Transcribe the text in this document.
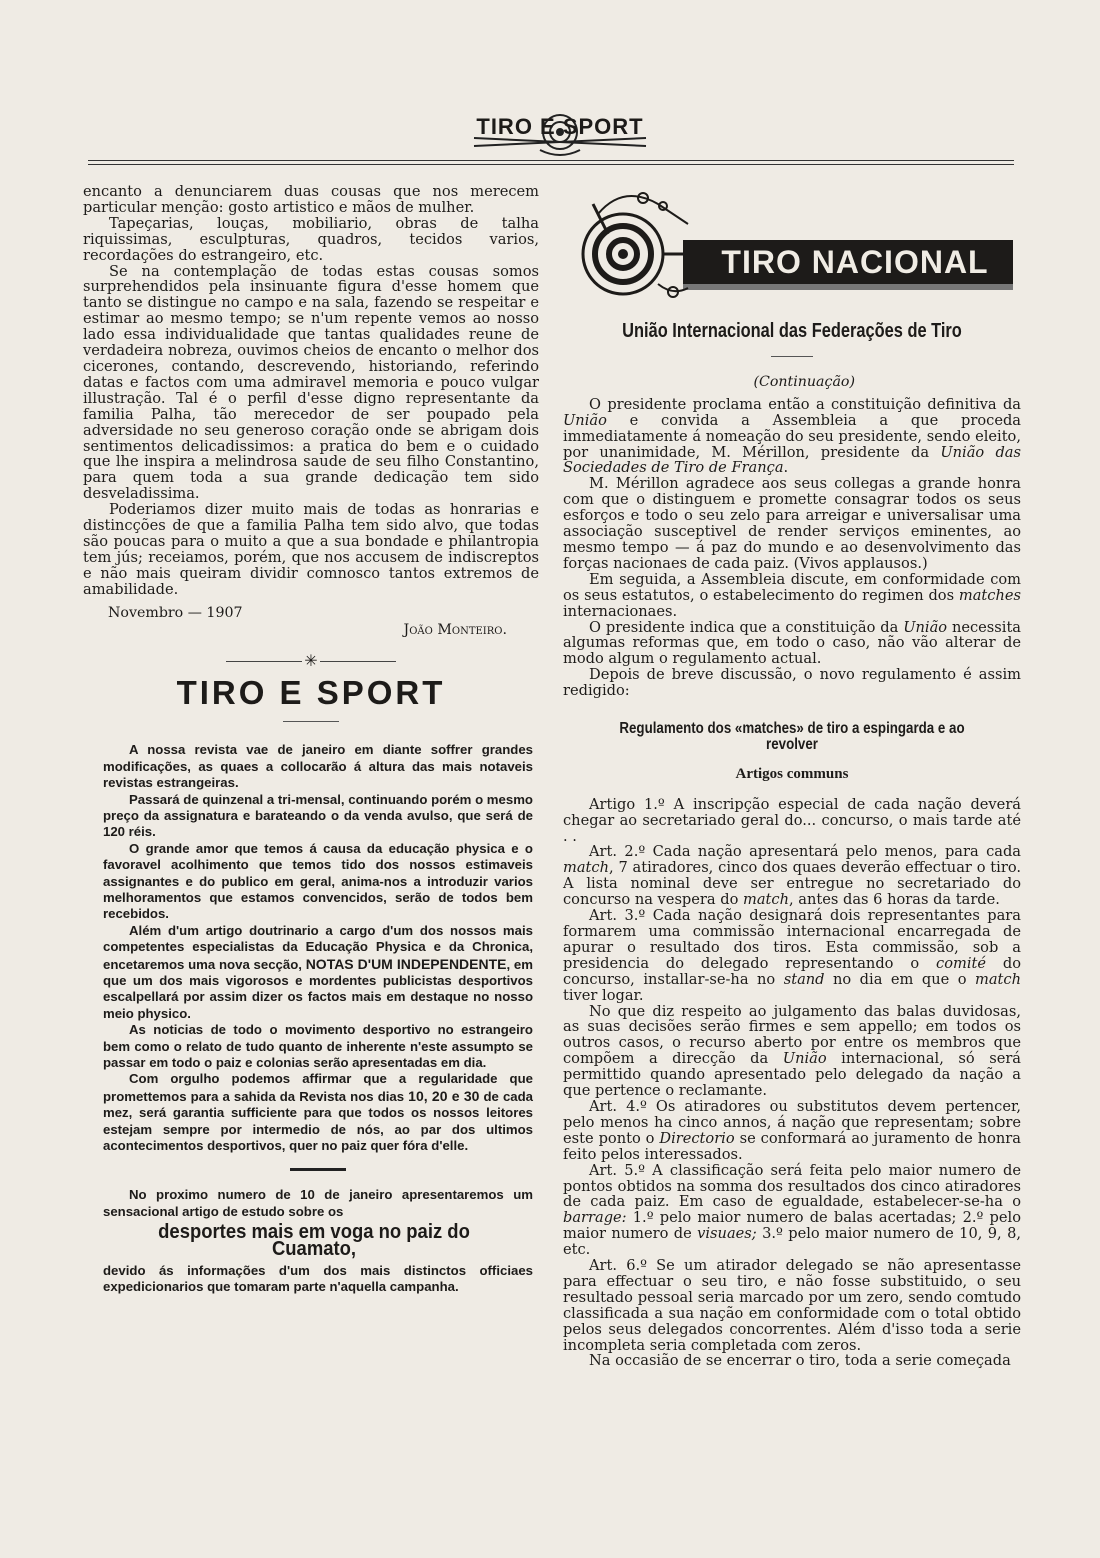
TIRO E SPORT

encanto a denunciarem duas cousas que nos merecem particular menção: gosto artistico e mãos de mulher.

Tapeçarias, louças, mobiliario, obras de talha riquissimas, esculpturas, quadros, tecidos varios, recordações do estrangeiro, etc.

Se na contemplação de todas estas cousas somos surprehendidos pela insinuante figura d'esse homem que tanto se distingue no campo e na sala, fazendo se respeitar e estimar ao mesmo tempo; se n'um repente vemos ao nosso lado essa individualidade que tantas qualidades reune de verdadeira nobreza, ouvimos cheios de encanto o melhor dos cicerones, contando, descrevendo, historiando, referindo datas e factos com uma admiravel memoria e pouco vulgar illustração. Tal é o perfil d'esse digno representante da familia Palha, tão merecedor de ser poupado pela adversidade no seu generoso coração onde se abrigam dois sentimentos delicadissimos: a pratica do bem e o cuidado que lhe inspira a melindrosa saude de seu filho Constantino, para quem toda a sua grande dedicação tem sido desveladissima.

Poderiamos dizer muito mais de todas as honrarias e distincções de que a familia Palha tem sido alvo, que todas são poucas para o muito a que a sua bondade e philantropia tem jús; receiamos, porém, que nos accusem de indiscreptos e não mais queiram dividir comnosco tantos extremos de amabilidade.

Novembro — 1907
João Monteiro.
✳
TIRO E SPORT

A nossa revista vae de janeiro em diante soffrer grandes modificações, as quaes a collocarão á altura das mais notaveis revistas estrangeiras.

Passará de quinzenal a tri-mensal, continuando porém o mesmo preço da assignatura e barateando o da venda avulso, que será de 120 réis.

O grande amor que temos á causa da educação physica e o favoravel acolhimento que temos tido dos nossos estimaveis assignantes e do publico em geral, anima-nos a introduzir varios melhoramentos que estamos convencidos, serão de todos bem recebidos.

Além d'um artigo doutrinario a cargo d'um dos nossos mais competentes especialistas da Educação Physica e da Chronica, encetaremos uma nova secção, NOTAS D'UM INDEPENDENTE, em que um dos mais vigorosos e mordentes publicistas desportivos escalpellará por assim dizer os factos mais em destaque no nosso meio physico.

As noticias de todo o movimento desportivo no estrangeiro bem como o relato de tudo quanto de inherente n'este assumpto se passar em todo o paiz e colonias serão apresentadas em dia.

Com orgulho podemos affirmar que a regularidade que promettemos para a sahida da Revista nos dias 10, 20 e 30 de cada mez, será garantia sufficiente para que todos os nossos leitores estejam sempre por intermedio de nós, ao par dos ultimos acontecimentos desportivos, quer no paiz quer fóra d'elle.

No proximo numero de 10 de janeiro apresentaremos um sensacional artigo de estudo sobre os

desportes mais em voga no paiz do Cuamato,

devido ás informações d'um dos mais distinctos officiaes expedicionarios que tomaram parte n'aquella campanha.

TIRO NACIONAL
União Internacional das Federações de Tiro
(Continuação)

O presidente proclama então a constituição definitiva da União e convida a Assembleia a que proceda immediatamente á nomeação do seu presidente, sendo eleito, por unanimidade, M. Mérillon, presidente da União das Sociedades de Tiro de França.

M. Mérillon agradece aos seus collegas a grande honra com que o distinguem e promette consagrar todos os seus esforços e todo o seu zelo para arreigar e universalisar uma associação susceptivel de render serviços eminentes, ao mesmo tempo — á paz do mundo e ao desenvolvimento das forças nacionaes de cada paiz. (Vivos applausos.)

Em seguida, a Assembleia discute, em conformidade com os seus estatutos, o estabelecimento do regimen dos matches internacionaes.

O presidente indica que a constituição da União necessita algumas reformas que, em todo o caso, não vão alterar de modo algum o regulamento actual.

Depois de breve discussão, o novo regulamento é assim redigido:

Regulamento dos «matches» de tiro a espingarda e ao revolver
Artigos communs

Artigo 1.º A inscripção especial de cada nação deverá chegar ao secretariado geral do... concurso, o mais tarde até . .

Art. 2.º Cada nação apresentará pelo menos, para cada match, 7 atiradores, cinco dos quaes deverão effectuar o tiro. A lista nominal deve ser entregue no secretariado do concurso na vespera do match, antes das 6 horas da tarde.

Art. 3.º Cada nação designará dois representantes para formarem uma commissão internacional encarregada de apurar o resultado dos tiros. Esta commissão, sob a presidencia do delegado representando o comité do concurso, installar-se-ha no stand no dia em que o match tiver logar.

No que diz respeito ao julgamento das balas duvidosas, as suas decisões serão firmes e sem appello; em todos os outros casos, o recurso aberto por entre os membros que compõem a direcção da União internacional, só será permittido quando apresentado pelo delegado da nação a que pertence o reclamante.

Art. 4.º Os atiradores ou substitutos devem pertencer, pelo menos ha cinco annos, á nação que representam; sobre este ponto o Directorio se conformará ao juramento de honra feito pelos interessados.

Art. 5.º A classificação será feita pelo maior numero de pontos obtidos na somma dos resultados dos cinco atiradores de cada paiz. Em caso de egualdade, estabelecer-se-ha o barrage: 1.º pelo maior numero de balas acertadas; 2.º pelo maior numero de visuaes; 3.º pelo maior numero de 10, 9, 8, etc.

Art. 6.º Se um atirador delegado se não apresentasse para effectuar o seu tiro, e não fosse substituido, o seu resultado pessoal seria marcado por um zero, sendo comtudo classificada a sua nação em conformidade com o total obtido pelos seus delegados concorrentes. Além d'isso toda a serie incompleta seria completada com zeros.

Na occasião de se encerrar o tiro, toda a serie começada
